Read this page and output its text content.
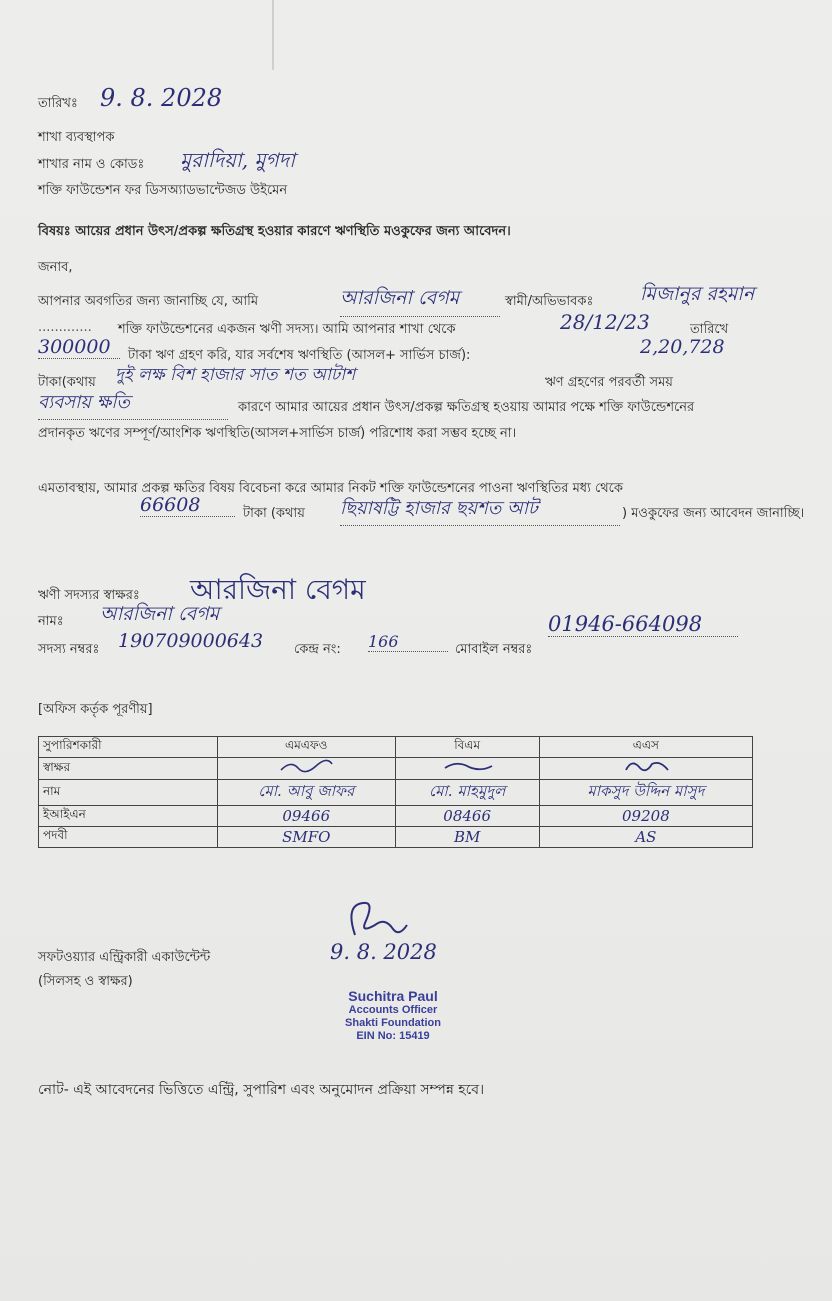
তারিখঃ 9. 8. 2028
শাখা ব্যবস্থাপক
শাখার নাম ও কোডঃ মুরাদিয়া, মুগদা
শক্তি ফাউন্ডেশন ফর ডিসঅ্যাডভান্টেজড উইমেন
বিষয়ঃ আয়ের প্রধান উৎস/প্রকল্প ক্ষতিগ্রস্থ হওয়ার কারণে ঋণস্থিতি মওকুফের জন্য আবেদন।
জনাব,
আপনার অবগতির জন্য জানাচ্ছি যে, আমি	আরজিনা বেগম	স্বামী/অভিভাবকঃ মিজানুর রহমান
............. শক্তি ফাউন্ডেশনের একজন ঋণী সদস্য। আমি আপনার শাখা থেকে	28/12/23	তারিখে
300000	টাকা ঋণ গ্রহণ করি, যার সর্বশেষ ঋণস্থিতি (আসল+ সার্ভিস চার্জ):	2,20,728
টাকা(কথায় দুই লক্ষ বিশ হাজার সাত শত আটাশ	ঋণ গ্রহণের পরবর্তী সময়
ব্যবসায় ক্ষতি	কারণে আমার আয়ের প্রধান উৎস/প্রকল্প ক্ষতিগ্রস্থ হওয়ায় আমার পক্ষে শক্তি ফাউন্ডেশনের প্রদানকৃত ঋণের সম্পূর্ণ/আংশিক ঋণস্থিতি(আসল+সার্ভিস চার্জ) পরিশোধ করা সম্ভব হচ্ছে না।
এমতাবস্থায়, আমার প্রকল্প ক্ষতির বিষয় বিবেচনা করে আমার নিকট শক্তি ফাউন্ডেশনের পাওনা ঋণস্থিতির মধ্য থেকে
66608	টাকা (কথায় ছিয়াষট্টি হাজার ছয়শত আট	) মওকুফের জন্য আবেদন জানাচ্ছি।
ঋণী সদস্যর স্বাক্ষরঃ আরজিনা বেগম
নামঃ আরজিনা বেগম
সদস্য নম্বরঃ 190709000643 কেন্দ্র নং: 166	মোবাইল নম্বরঃ
01946-664098
[অফিস কর্তৃক পূরণীয়]
সুপারিশকারী	এমএফও	বিএম	এএস
স্বাক্ষর			
নাম	মো. আবু জাফর	মো. মাহমুদুল	মাকসুদ উদ্দিন মাসুদ
ইআইএন	09466	08466	09208
পদবী	SMFO	BM	AS
সফটওয়্যার এন্ট্রিকারী একাউন্টেন্ট
(সিলসহ ও স্বাক্ষর)
9. 8. 2028
Suchitra Paul
Accounts Officer
Shakti Foundation
EIN No: 15419
নোট- এই আবেদনের ভিত্তিতে এন্ট্রি, সুপারিশ এবং অনুমোদন প্রক্রিয়া সম্পন্ন হবে।
